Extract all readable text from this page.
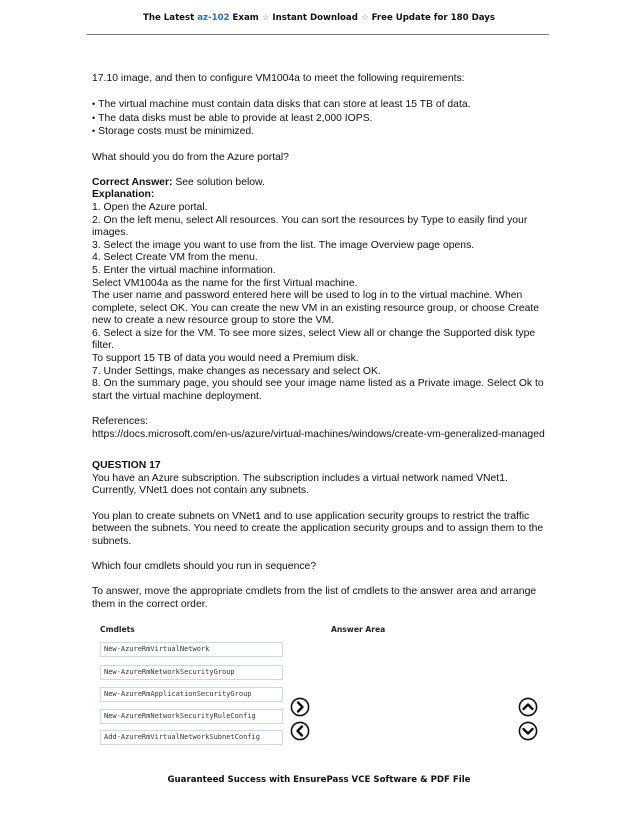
The Latest az-102 Exam ☆ Instant Download ☆ Free Update for 180 Days

17.10 image, and then to configure VM1004a to meet the following requirements:

• The virtual machine must contain data disks that can store at least 15 TB of data.

• The data disks must be able to provide at least 2,000 IOPS.

• Storage costs must be minimized.

What should you do from the Azure portal?

Correct Answer: See solution below.

Explanation:

1. Open the Azure portal.

2. On the left menu, select All resources. You can sort the resources by Type to easily find your images.

3. Select the image you want to use from the list. The image Overview page opens.

4. Select Create VM from the menu.

5. Enter the virtual machine information.

Select VM1004a as the name for the first Virtual machine.

The user name and password entered here will be used to log in to the virtual machine. When complete, select OK. You can create the new VM in an existing resource group, or choose Create new to create a new resource group to store the VM.

6. Select a size for the VM. To see more sizes, select View all or change the Supported disk type filter.

To support 15 TB of data you would need a Premium disk.

7. Under Settings, make changes as necessary and select OK.

8. On the summary page, you should see your image name listed as a Private image. Select Ok to start the virtual machine deployment.

References:

https://docs.microsoft.com/en-us/azure/virtual-machines/windows/create-vm-generalized-managed

QUESTION 17

You have an Azure subscription. The subscription includes a virtual network named VNet1. Currently, VNet1 does not contain any subnets.

You plan to create subnets on VNet1 and to use application security groups to restrict the traffic between the subnets. You need to create the application security groups and to assign them to the subnets.

Which four cmdlets should you run in sequence?

To answer, move the appropriate cmdlets from the list of cmdlets to the answer area and arrange them in the correct order.

Cmdlets	Answer Area
New-AzureRmVirtualNetwork
New-AzureRmNetworkSecurityGroup
New-AzureRmApplicationSecurityGroup
New-AzureRmNetworkSecurityRuleConfig
Add-AzureRmVirtualNetworkSubnetConfig
Guaranteed Success with EnsurePass VCE Software & PDF File
